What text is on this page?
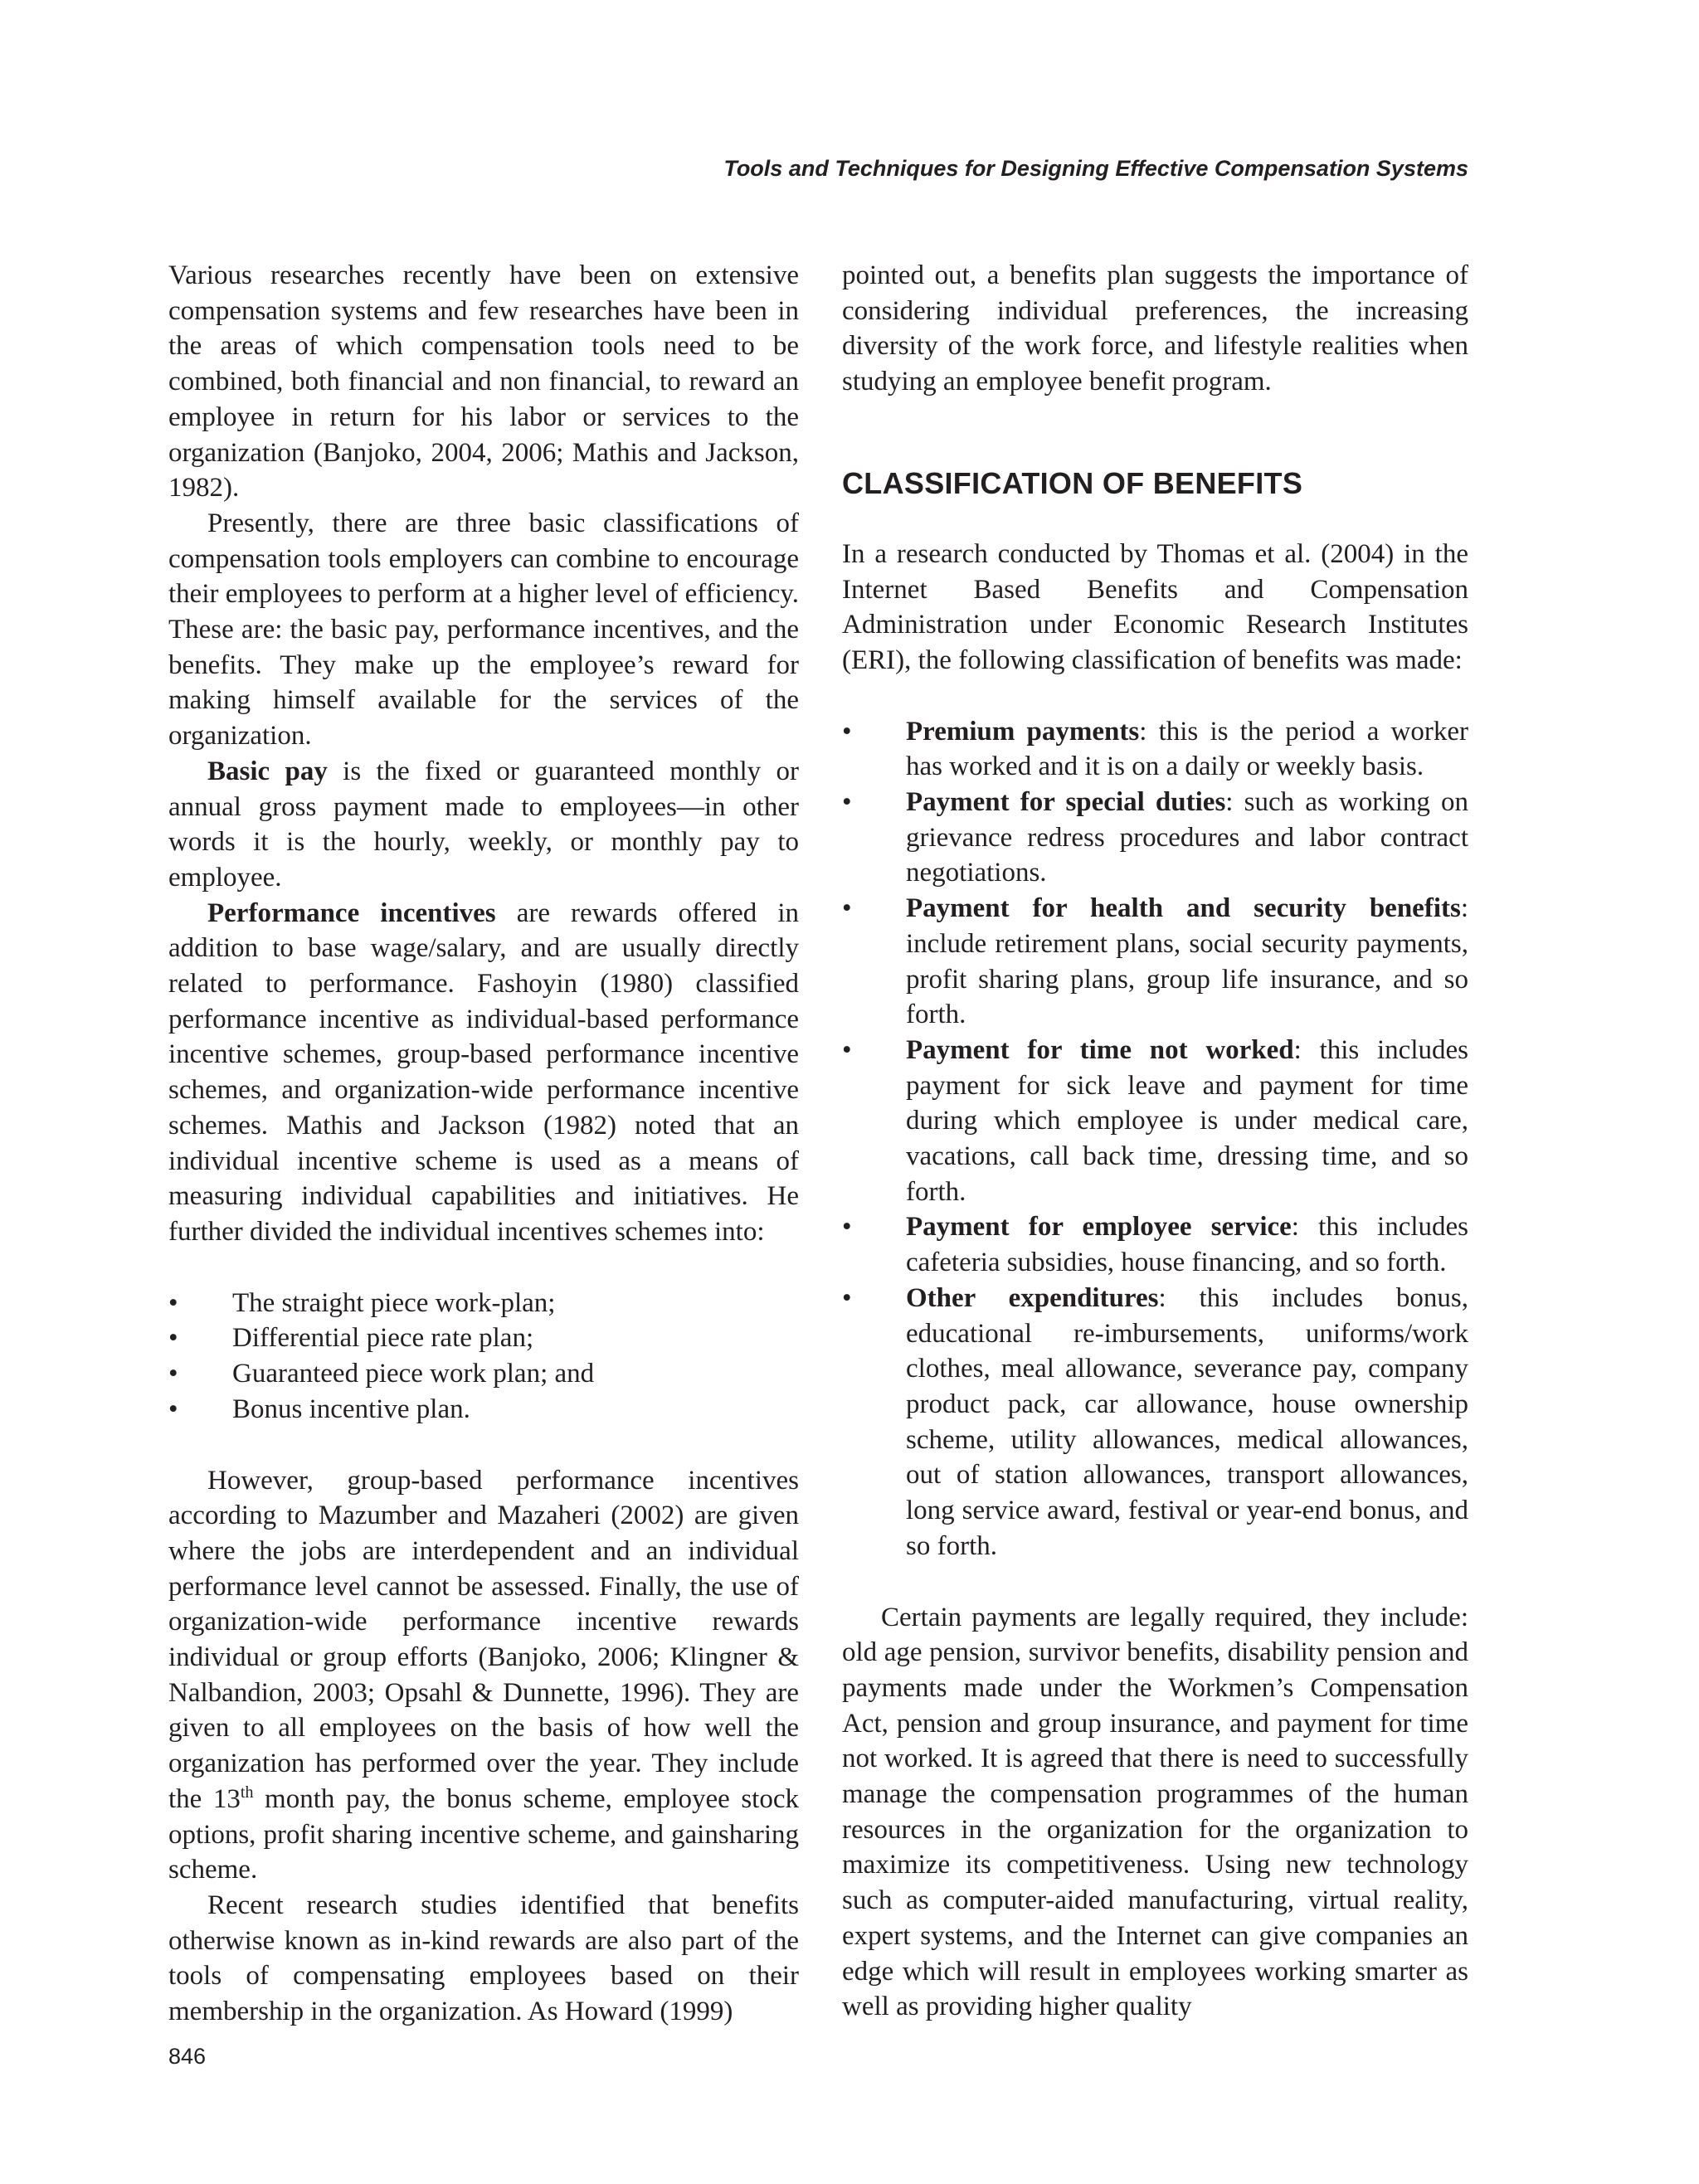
Tools and Techniques for Designing Effective Compensation Systems

Various researches recently have been on extensive compensation systems and few researches have been in the areas of which compensation tools need to be combined, both financial and non financial, to reward an employee in return for his labor or services to the organization (Banjoko, 2004, 2006; Mathis and Jackson, 1982).

Presently, there are three basic classifications of compensation tools employers can combine to encourage their employees to perform at a higher level of efficiency. These are: the basic pay, performance incentives, and the benefits. They make up the employee’s reward for making himself available for the services of the organization.

Basic pay is the fixed or guaranteed monthly or annual gross payment made to employees—in other words it is the hourly, weekly, or monthly pay to employee.

Performance incentives are rewards offered in addition to base wage/salary, and are usually directly related to performance. Fashoyin (1980) classified performance incentive as individual-based performance incentive schemes, group-based performance incentive schemes, and organization-wide performance incentive schemes. Mathis and Jackson (1982) noted that an individual incentive scheme is used as a means of measuring individual capabilities and initiatives. He further divided the individual incentives schemes into:

• The straight piece work-plan;
• Differential piece rate plan;
• Guaranteed piece work plan; and
• Bonus incentive plan.

However, group-based performance incentives according to Mazumber and Mazaheri (2002) are given where the jobs are interdependent and an individual performance level cannot be assessed. Finally, the use of organization-wide performance incentive rewards individual or group efforts (Banjoko, 2006; Klingner & Nalbandion, 2003; Opsahl & Dunnette, 1996). They are given to all employees on the basis of how well the organization has performed over the year. They include the 13th month pay, the bonus scheme, employee stock options, profit sharing incentive scheme, and gainsharing scheme.

Recent research studies identified that benefits otherwise known as in-kind rewards are also part of the tools of compensating employees based on their membership in the organization. As Howard (1999)

pointed out, a benefits plan suggests the importance of considering individual preferences, the increasing diversity of the work force, and lifestyle realities when studying an employee benefit program.

CLASSIFICATION OF BENEFITS

In a research conducted by Thomas et al. (2004) in the Internet Based Benefits and Compensation Administration under Economic Research Institutes (ERI), the following classification of benefits was made:

• Premium payments: this is the period a worker has worked and it is on a daily or weekly basis.
• Payment for special duties: such as working on grievance redress procedures and labor contract negotiations.
• Payment for health and security benefits: include retirement plans, social security payments, profit sharing plans, group life insurance, and so forth.
• Payment for time not worked: this includes payment for sick leave and payment for time during which employee is under medical care, vacations, call back time, dressing time, and so forth.
• Payment for employee service: this includes cafeteria subsidies, house financing, and so forth.
• Other expenditures: this includes bonus, educational re-imbursements, uniforms/work clothes, meal allowance, severance pay, company product pack, car allowance, house ownership scheme, utility allowances, medical allowances, out of station allowances, transport allowances, long service award, festival or year-end bonus, and so forth.

Certain payments are legally required, they include: old age pension, survivor benefits, disability pension and payments made under the Workmen’s Compensation Act, pension and group insurance, and payment for time not worked. It is agreed that there is need to successfully manage the compensation programmes of the human resources in the organization for the organization to maximize its competitiveness. Using new technology such as computer-aided manufacturing, virtual reality, expert systems, and the Internet can give companies an edge which will result in employees working smarter as well as providing higher quality

846
